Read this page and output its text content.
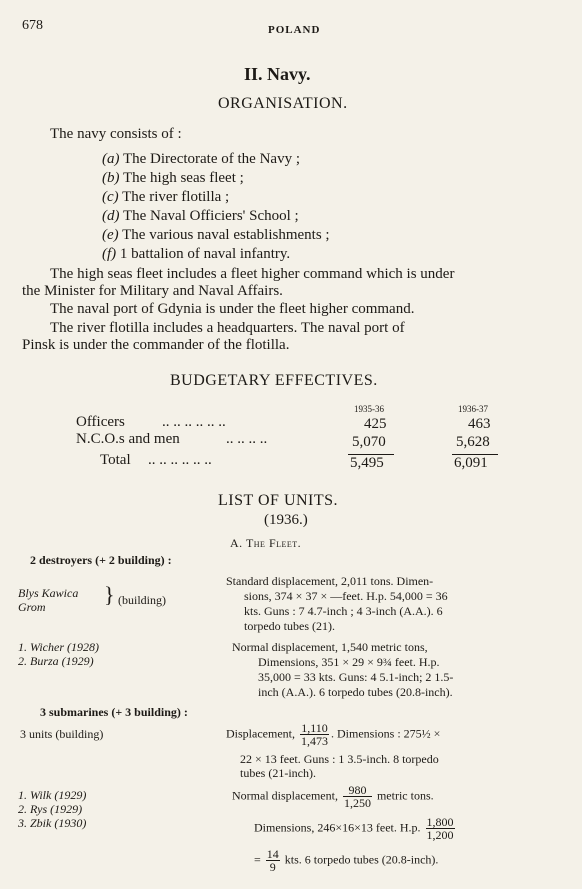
678	POLAND
II. Navy.
ORGANISATION.
The navy consists of :
(a) The Directorate of the Navy ;
(b) The high seas fleet ;
(c) The river flotilla ;
(d) The Naval Officiers' School ;
(e) The various naval establishments ;
(f) 1 battalion of naval infantry.
The high seas fleet includes a fleet higher command which is under
the Minister for Military and Naval Affairs.
The naval port of Gdynia is under the fleet higher command.
The river flotilla includes a headquarters. The naval port of
Pinsk is under the commander of the flotilla.
BUDGETARY EFFECTIVES.
1935-36	1936-37
Officers .. .. .. .. .. ..	425	463
N.C.O.s and men	.. .. .. ..	5,070	5,628
Total .. .. .. .. .. ..	5,495	6,091
LIST OF UNITS.
(1936.)
A. The Fleet.
2 destroyers (+ 2 building) :
Blys Kawica
Grom	} (building)
Standard displacement, 2,011 tons. Dimen-
sions, 374 × 37 × —feet. H.p. 54,000 = 36
kts. Guns : 7 4.7-inch ; 4 3-inch (A.A.). 6
torpedo tubes (21).
1. Wicher (1928)
2. Burza (1929)
Normal displacement, 1,540 metric tons,
Dimensions, 351 × 29 × 9¾ feet. H.p.
35,000 = 33 kts. Guns: 4 5.1-inch; 2 1.5-
inch (A.A.). 6 torpedo tubes (20.8-inch).
3 submarines (+ 3 building) :
3 units (building)	Displacement, $\frac{1,110}{1,473}$ . Dimensions : 275½ ×
22 × 13 feet. Guns : 1 3.5-inch. 8 torpedo
tubes (21-inch).
1. Wilk (1929)
2. Rys (1929)
3. Zbik (1930)
Normal displacement, $\frac{980}{1,250}$ metric tons.
Dimensions, 246×16×13 feet. H.p. $\frac{1,800}{1,200}$
= $\frac{14}{9}$ kts. 6 torpedo tubes (20.8-inch).
